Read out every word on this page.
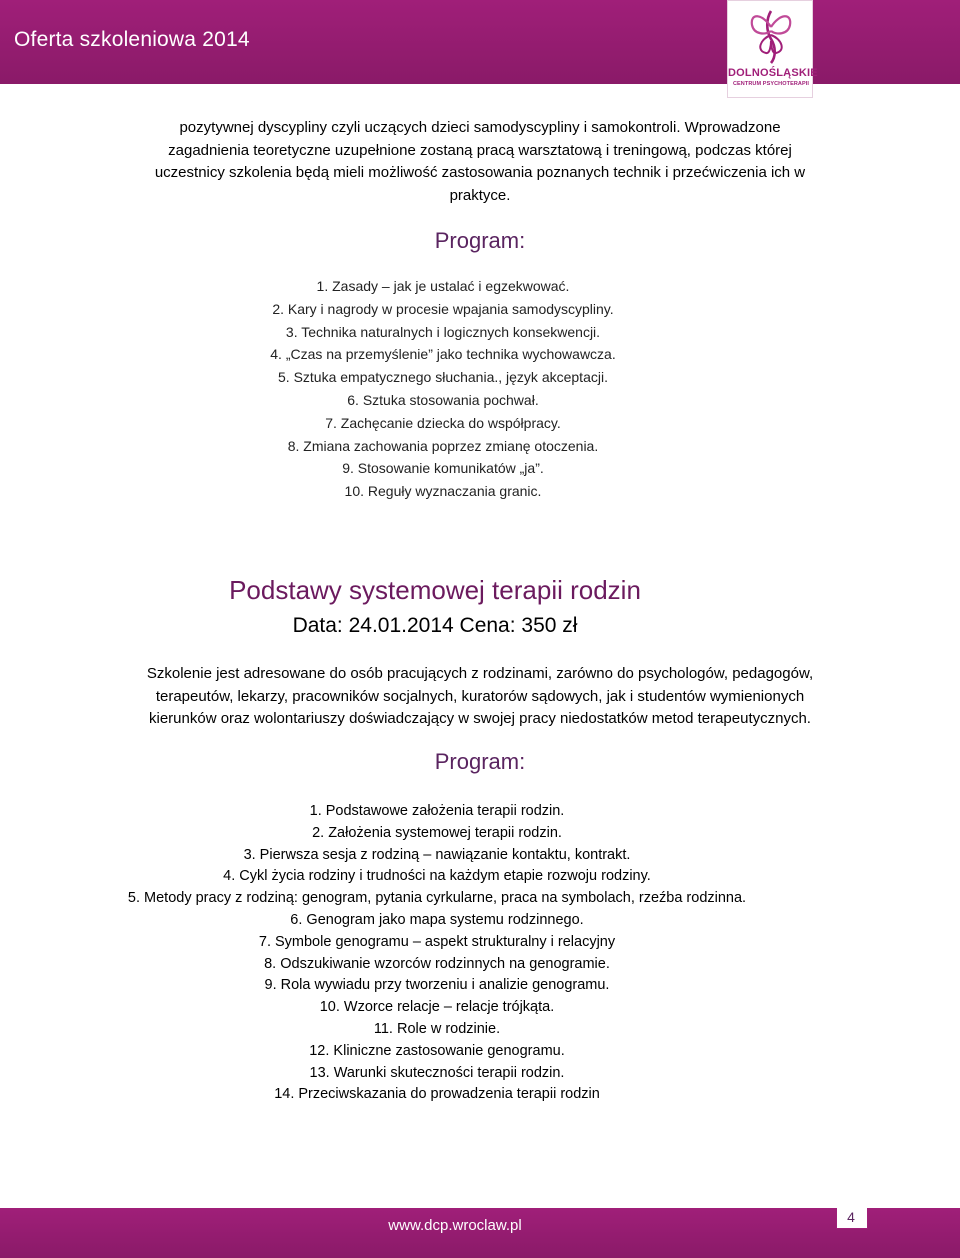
Oferta szkoleniowa 2014
DOLNOŚLĄSKIE
CENTRUM PSYCHOTERAPII

pozytywnej dyscypliny czyli uczących dzieci samodyscypliny i samokontroli. Wprowadzone
zagadnienia teoretyczne uzupełnione zostaną pracą warsztatową i treningową, podczas której
uczestnicy szkolenia będą mieli możliwość zastosowania poznanych technik i przećwiczenia ich w
praktyce.

Program:
1. Zasady – jak je ustalać i egzekwować.
2. Kary i nagrody w procesie wpajania samodyscypliny.
3. Technika naturalnych i logicznych konsekwencji.
4. „Czas na przemyślenie” jako technika wychowawcza.
5. Sztuka empatycznego słuchania., język akceptacji.
6. Sztuka stosowania pochwał.
7. Zachęcanie dziecka do współpracy.
8. Zmiana zachowania poprzez zmianę otoczenia.
9. Stosowanie komunikatów „ja”.
10. Reguły wyznaczania granic.
Podstawy systemowej terapii rodzin
Data: 24.01.2014 Cena: 350 zł

Szkolenie jest adresowane do osób pracujących z rodzinami, zarówno do psychologów, pedagogów,
terapeutów, lekarzy, pracowników socjalnych, kuratorów sądowych, jak i studentów wymienionych
kierunków oraz wolontariuszy doświadczający w swojej pracy niedostatków metod terapeutycznych.

Program:
1. Podstawowe założenia terapii rodzin.
2. Założenia systemowej terapii rodzin.
3. Pierwsza sesja z rodziną – nawiązanie kontaktu, kontrakt.
4. Cykl życia rodziny i trudności na każdym etapie rozwoju rodziny.
5. Metody pracy z rodziną: genogram, pytania cyrkularne, praca na symbolach, rzeźba rodzinna.
6. Genogram jako mapa systemu rodzinnego.
7. Symbole genogramu – aspekt strukturalny i relacyjny
8. Odszukiwanie wzorców rodzinnych na genogramie.
9. Rola wywiadu przy tworzeniu i analizie genogramu.
10. Wzorce relacje – relacje trójkąta.
11. Role w rodzinie.
12. Kliniczne zastosowanie genogramu.
13. Warunki skuteczności terapii rodzin.
14. Przeciwskazania do prowadzenia terapii rodzin
www.dcp.wroclaw.pl	4
